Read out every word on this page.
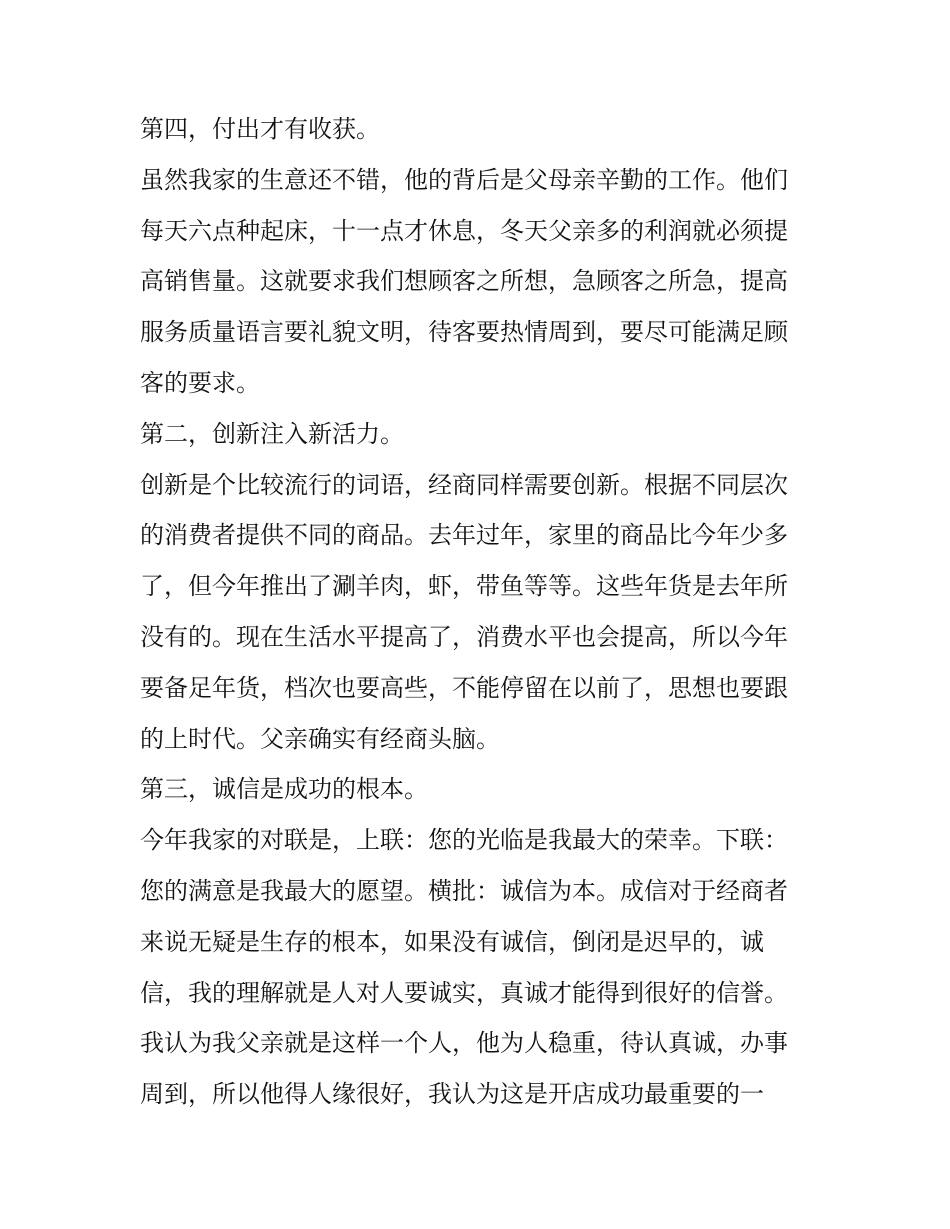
第四，付出才有收获。
虽然我家的生意还不错，他的背后是父母亲辛勤的工作。他们
每天六点种起床，十一点才休息，冬天父亲多的利润就必须提
高销售量。这就要求我们想顾客之所想，急顾客之所急，提高
服务质量语言要礼貌文明，待客要热情周到，要尽可能满足顾
客的要求。
第二，创新注入新活力。
创新是个比较流行的词语，经商同样需要创新。根据不同层次
的消费者提供不同的商品。去年过年，家里的商品比今年少多
了，但今年推出了涮羊肉，虾，带鱼等等。这些年货是去年所
没有的。现在生活水平提高了，消费水平也会提高，所以今年
要备足年货，档次也要高些，不能停留在以前了，思想也要跟
的上时代。父亲确实有经商头脑。
第三，诚信是成功的根本。
今年我家的对联是，上联：您的光临是我最大的荣幸。下联：
您的满意是我最大的愿望。横批：诚信为本。成信对于经商者
来说无疑是生存的根本，如果没有诚信，倒闭是迟早的，诚
信，我的理解就是人对人要诚实，真诚才能得到很好的信誉。
我认为我父亲就是这样一个人，他为人稳重，待认真诚，办事
周到，所以他得人缘很好，我认为这是开店成功最重要的一
